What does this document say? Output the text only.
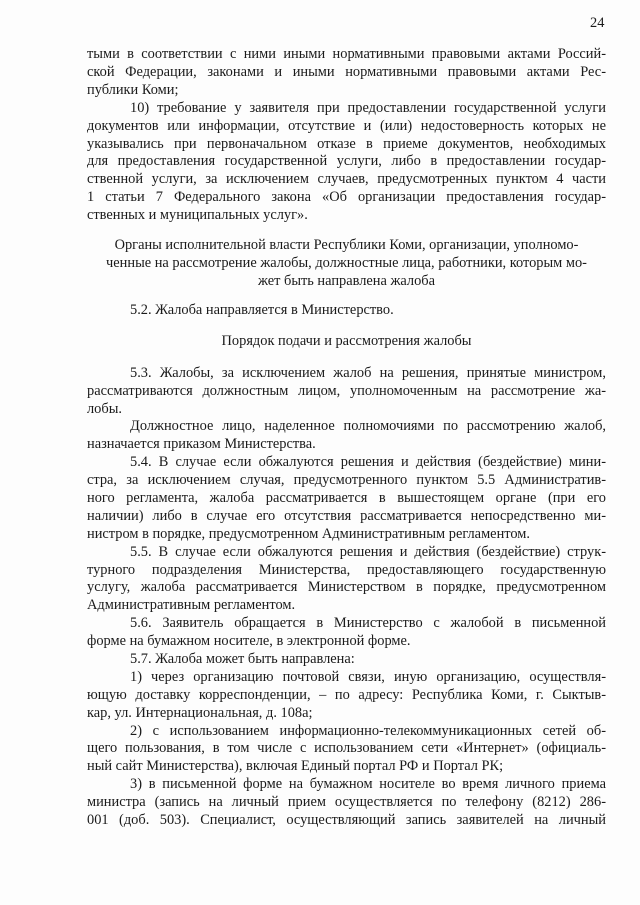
24

тыми в соответствии с ними иными нормативными правовыми актами Россий-

ской Федерации, законами и иными нормативными правовыми актами Рес-

публики Коми;

10) требование у заявителя при предоставлении государственной услуги

документов или информации, отсутствие и (или) недостоверность которых не

указывались при первоначальном отказе в приеме документов, необходимых

для предоставления государственной услуги, либо в предоставлении государ-

ственной услуги, за исключением случаев, предусмотренных пунктом 4 части

1 статьи 7 Федерального закона «Об организации предоставления государ-

ственных и муниципальных услуг».

Органы исполнительной власти Республики Коми, организации, уполномо-

ченные на рассмотрение жалобы, должностные лица, работники, которым мо-

жет быть направлена жалоба

5.2. Жалоба направляется в Министерство.

Порядок подачи и рассмотрения жалобы

5.3. Жалобы, за исключением жалоб на решения, принятые министром,

рассматриваются должностным лицом, уполномоченным на рассмотрение жа-

лобы.

Должностное лицо, наделенное полномочиями по рассмотрению жалоб,

назначается приказом Министерства.

5.4. В случае если обжалуются решения и действия (бездействие) мини-

стра, за исключением случая, предусмотренного пунктом 5.5 Административ-

ного регламента, жалоба рассматривается в вышестоящем органе (при его

наличии) либо в случае его отсутствия рассматривается непосредственно ми-

нистром в порядке, предусмотренном Административным регламентом.

5.5. В случае если обжалуются решения и действия (бездействие) струк-

турного подразделения Министерства, предоставляющего государственную

услугу, жалоба рассматривается Министерством в порядке, предусмотренном

Административным регламентом.

5.6. Заявитель обращается в Министерство с жалобой в письменной

форме на бумажном носителе, в электронной форме.

5.7. Жалоба может быть направлена:

1) через организацию почтовой связи, иную организацию, осуществля-

ющую доставку корреспонденции, – по адресу: Республика Коми, г. Сыктыв-

кар, ул. Интернациональная, д. 108а;

2) с использованием информационно-телекоммуникационных сетей об-

щего пользования, в том числе с использованием сети «Интернет» (официаль-

ный сайт Министерства), включая Единый портал РФ и Портал РК;

3) в письменной форме на бумажном носителе во время личного приема

министра (запись на личный прием осуществляется по телефону (8212) 286-

001 (доб. 503). Специалист, осуществляющий запись заявителей на личный
